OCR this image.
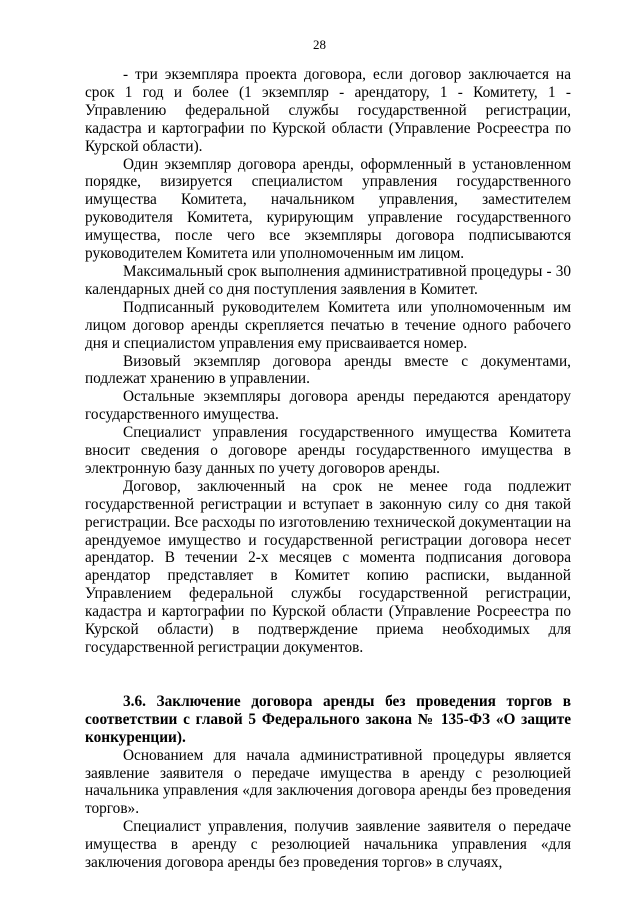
28

- три экземпляра проекта договора, если договор заключается на срок 1 год и более (1 экземпляр - арендатору, 1 - Комитету, 1 - Управлению федеральной службы государственной регистрации, кадастра и картографии по Курской области (Управление Росреестра по Курской области).

Один экземпляр договора аренды, оформленный в установленном порядке, визируется специалистом управления государственного имущества Комитета, начальником управления, заместителем руководителя Комитета, курирующим управление государственного имущества, после чего все экземпляры договора подписываются руководителем Комитета или уполномоченным им лицом.

Максимальный срок выполнения административной процедуры - 30 календарных дней со дня поступления заявления в Комитет.

Подписанный руководителем Комитета или уполномоченным им лицом договор аренды скрепляется печатью в течение одного рабочего дня и специалистом управления ему присваивается номер.

Визовый экземпляр договора аренды вместе с документами, подлежат хранению в управлении.

Остальные экземпляры договора аренды передаются арендатору государственного имущества.

Специалист управления государственного имущества Комитета вносит сведения о договоре аренды государственного имущества в электронную базу данных по учету договоров аренды.

Договор, заключенный на срок не менее года подлежит государственной регистрации и вступает в законную силу со дня такой регистрации. Все расходы по изготовлению технической документации на арендуемое имущество и государственной регистрации договора несет арендатор. В течении 2-х месяцев с момента подписания договора арендатор представляет в Комитет копию расписки, выданной Управлением федеральной службы государственной регистрации, кадастра и картографии по Курской области (Управление Росреестра по Курской области) в подтверждение приема необходимых для государственной регистрации документов.

3.6. Заключение договора аренды без проведения торгов в соответствии с главой 5 Федерального закона № 135-ФЗ «О защите конкуренции).

Основанием для начала административной процедуры является заявление заявителя о передаче имущества в аренду с резолюцией начальника управления «для заключения договора аренды без проведения торгов».

Специалист управления, получив заявление заявителя о передаче имущества в аренду с резолюцией начальника управления «для заключения договора аренды без проведения торгов» в случаях,
